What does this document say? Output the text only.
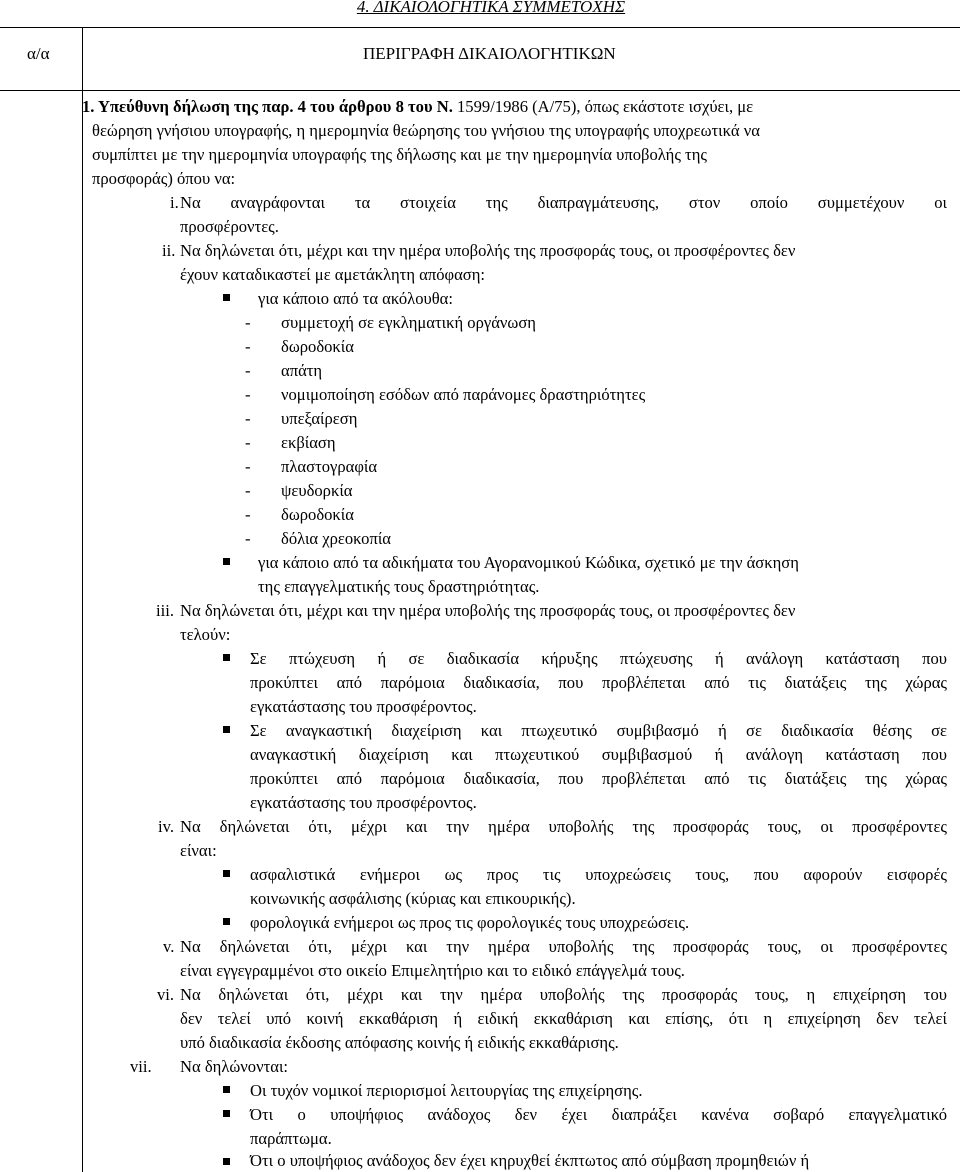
4. ΔΙΚΑΙΟΛΟΓΗΤΙΚΑ ΣΥΜΜΕΤΟΧΗΣ
α/α	ΠΕΡΙΓΡΑΦΗ ΔΙΚΑΙΟΛΟΓΗΤΙΚΩΝ
1. Υπεύθυνη δήλωση της παρ. 4 του άρθρου 8 του Ν. 1599/1986 (Α/75), όπως εκάστοτε ισχύει, με
θεώρηση γνήσιου υπογραφής, η ημερομηνία θεώρησης του γνήσιου της υπογραφής υποχρεωτικά να
συμπίπτει με την ημερομηνία υπογραφής της δήλωσης και με την ημερομηνία υποβολής της
προσφοράς) όπου να:
i. Να αναγράφονται τα στοιχεία της διαπραγμάτευσης, στον οποίο συμμετέχουν οι
προσφέροντες.
ii. Να δηλώνεται ότι, μέχρι και την ημέρα υποβολής της προσφοράς τους, οι προσφέροντες δεν
έχουν καταδικαστεί με αμετάκλητη απόφαση:
για κάποιο από τα ακόλουθα:
- συμμετοχή σε εγκληματική οργάνωση
- δωροδοκία
- απάτη
- νομιμοποίηση εσόδων από παράνομες δραστηριότητες
- υπεξαίρεση
- εκβίαση
- πλαστογραφία
- ψευδορκία
- δωροδοκία
- δόλια χρεοκοπία
για κάποιο από τα αδικήματα του Αγορανομικού Κώδικα, σχετικό με την άσκηση
της επαγγελματικής τους δραστηριότητας.
iii. Να δηλώνεται ότι, μέχρι και την ημέρα υποβολής της προσφοράς τους, οι προσφέροντες δεν
τελούν:
Σε πτώχευση ή σε διαδικασία κήρυξης πτώχευσης ή ανάλογη κατάσταση που
προκύπτει από παρόμοια διαδικασία, που προβλέπεται από τις διατάξεις της χώρας
εγκατάστασης του προσφέροντος.
Σε αναγκαστική διαχείριση και πτωχευτικό συμβιβασμό ή σε διαδικασία θέσης σε
αναγκαστική διαχείριση και πτωχευτικού συμβιβασμού ή ανάλογη κατάσταση που
προκύπτει από παρόμοια διαδικασία, που προβλέπεται από τις διατάξεις της χώρας
εγκατάστασης του προσφέροντος.
iv. Να δηλώνεται ότι, μέχρι και την ημέρα υποβολής της προσφοράς τους, οι προσφέροντες
είναι:
ασφαλιστικά ενήμεροι ως προς τις υποχρεώσεις τους, που αφορούν εισφορές
κοινωνικής ασφάλισης (κύριας και επικουρικής).
φορολογικά ενήμεροι ως προς τις φορολογικές τους υποχρεώσεις.
v. Να δηλώνεται ότι, μέχρι και την ημέρα υποβολής της προσφοράς τους, οι προσφέροντες
είναι εγγεγραμμένοι στο οικείο Επιμελητήριο και το ειδικό επάγγελμά τους.
vi. Να δηλώνεται ότι, μέχρι και την ημέρα υποβολής της προσφοράς τους, η επιχείρηση του
δεν τελεί υπό κοινή εκκαθάριση ή ειδική εκκαθάριση και επίσης, ότι η επιχείρηση δεν τελεί
υπό διαδικασία έκδοσης απόφασης κοινής ή ειδικής εκκαθάρισης.
vii. Να δηλώνονται:
Οι τυχόν νομικοί περιορισμοί λειτουργίας της επιχείρησης.
Ότι ο υποψήφιος ανάδοχος δεν έχει διαπράξει κανένα σοβαρό επαγγελματικό
παράπτωμα.
Ότι ο υποψήφιος ανάδοχος δεν έχει κηρυχθεί έκπτωτος από σύμβαση προμηθειών ή
